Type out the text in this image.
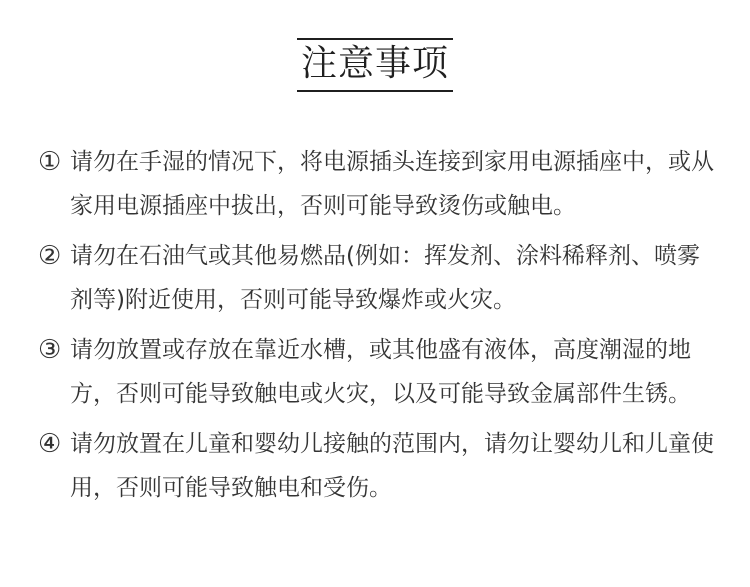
注意事项
① 请勿在手湿的情况下，将电源插头连接到家用电源插座中，或从家用电源插座中拔出，否则可能导致烫伤或触电。
② 请勿在石油气或其他易燃品(例如：挥发剂、涂料稀释剂、喷雾剂等)附近使用，否则可能导致爆炸或火灾。
③ 请勿放置或存放在靠近水槽，或其他盛有液体，高度潮湿的地方，否则可能导致触电或火灾，以及可能导致金属部件生锈。
④ 请勿放置在儿童和婴幼儿接触的范围内，请勿让婴幼儿和儿童使用，否则可能导致触电和受伤。
